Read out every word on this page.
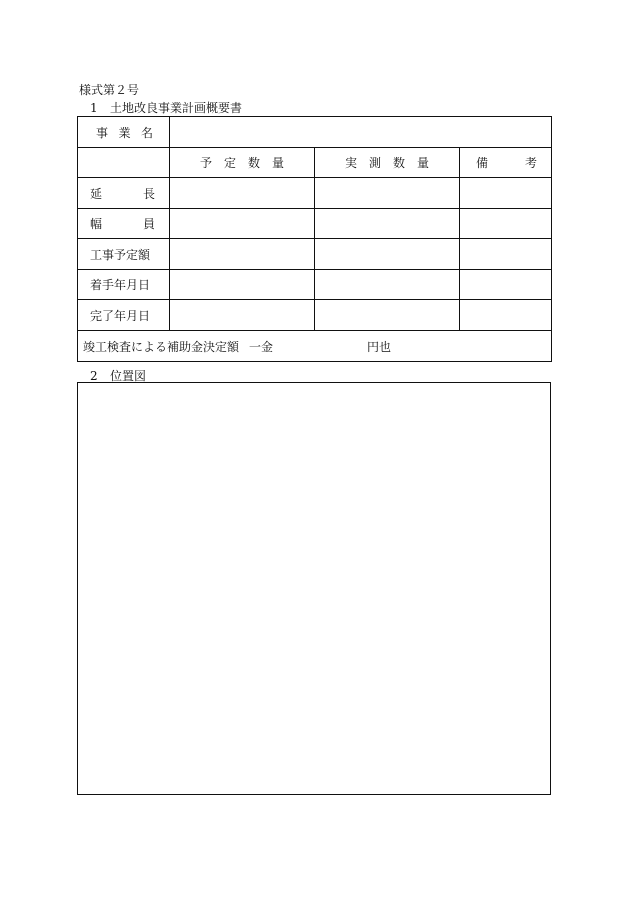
様式第２号
1 土地改良事業計画概要書
事 業 名			

	予 定 数 量	実 測 数 量	備 考

延 長			

幅 員			

工事予定額			
着手年月日			
完了年月日			
竣工検査による補助金決定額 一金 円也			
2 位置図
